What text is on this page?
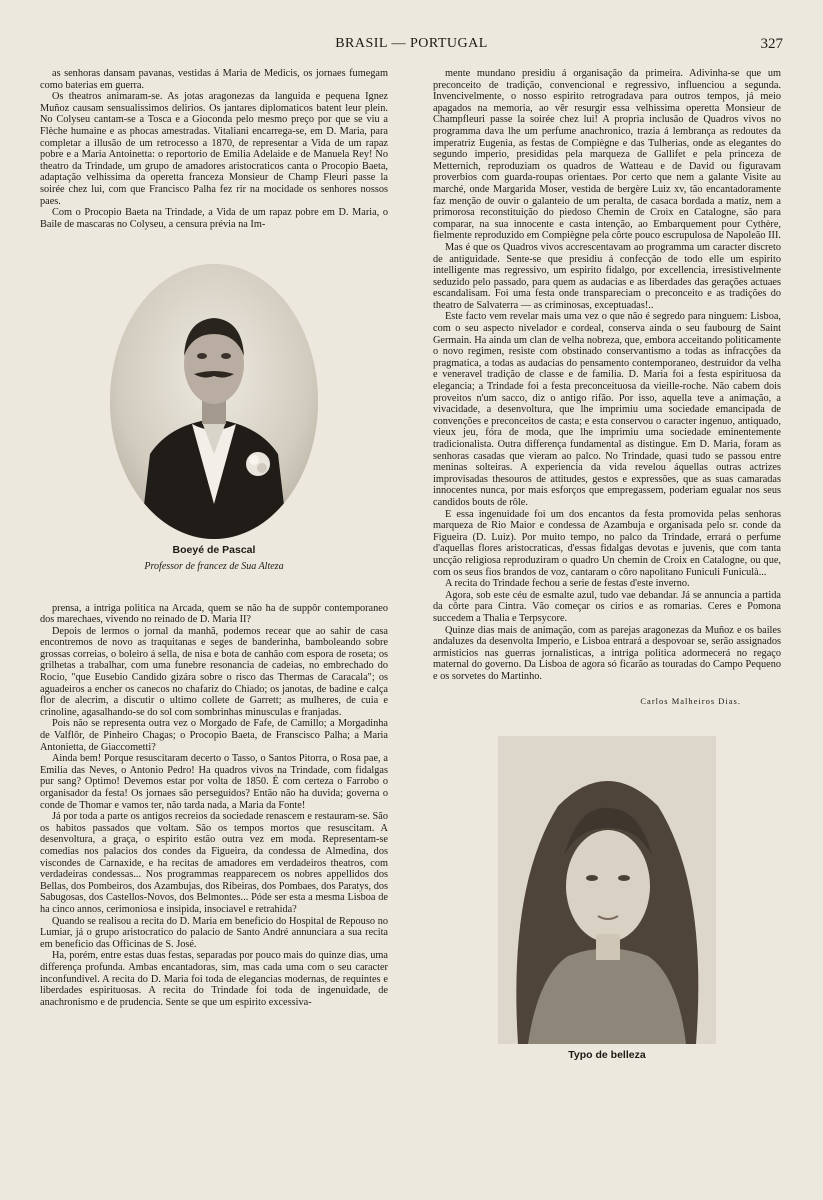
BRASIL — PORTUGAL	327

as senhoras dansam pavanas, vestidas á Maria de Medicis, os jornaes fumegam como baterias em guerra.

Os theatros animaram-se. As jotas aragonezas da languida e pequena Ignez Muñoz causam sensualissimos delirios. Os jantares diplomaticos batent leur plein. No Colyseu cantam-se a Tosca e a Gioconda pelo mesmo preço por que se viu a Flèche humaine e as phocas amestradas. Vitaliani encarrega-se, em D. Maria, para completar a illusão de um retrocesso a 1870, de representar a Vida de um rapaz pobre e a Maria Antoinetta: o reportorio de Emilia Adelaide e de Manuela Rey! No theatro da Trindade, um grupo de amadores aristocraticos canta o Procopio Baeta, adaptação velhissima da operetta franceza Monsieur de Champ Fleuri passe la soirée chez lui, com que Francisco Palha fez rir na mocidade os senhores nossos paes.

Com o Procopio Baeta na Trindade, a Vida de um rapaz pobre em D. Maria, o Baile de mascaras no Colyseu, a censura prévia na Im-

Boeyé de Pascal
Professor de francez de Sua Alteza

prensa, a intriga politica na Arcada, quem se não ha de suppôr contemporaneo dos marechaes, vivendo no reinado de D. Maria II?

Depois de lermos o jornal da manhã, podemos recear que ao sahir de casa encontremos de novo as traquitanas e seges de banderinha, bamboleando sobre grossas correias, o boleiro á sella, de nisa e bota de canhão com espora de roseta; os grilhetas a trabalhar, com uma funebre resonancia de cadeias, no embrechado do Rocio, "que Eusebio Candido gizára sobre o risco das Thermas de Caracala"; os aguadeiros a encher os canecos no chafariz do Chiado; os janotas, de badine e calça flor de alecrim, a discutir o ultimo collete de Garrett; as mulheres, de cuia e crinoline, agasalhando-se do sol com sombrinhas minusculas e franjadas.

Pois não se representa outra vez o Morgado de Fafe, de Camillo; a Morgadinha de Valflôr, de Pinheiro Chagas; o Procopio Baeta, de Franscisco Palha; a Maria Antonietta, de Giaccometti?

Ainda bem! Porque resuscitaram decerto o Tasso, o Santos Pitorra, o Rosa pae, a Emilia das Neves, o Antonio Pedro! Ha quadros vivos na Trindade, com fidalgas pur sang? Optimo! Devemos estar por volta de 1850. É com certeza o Farrobo o organisador da festa! Os jornaes são perseguidos? Então não ha duvida; governa o conde de Thomar e vamos ter, não tarda nada, a Maria da Fonte!

Já por toda a parte os antigos recreios da sociedade renascem e restauram-se. São os habitos passados que voltam. São os tempos mortos que resuscitam. A desenvoltura, a graça, o espirito estão outra vez em moda. Representam-se comedias nos palacios dos condes da Figueira, da condessa de Almedina, dos viscondes de Carnaxide, e ha recitas de amadores em verdadeiros theatros, com verdadeiras condessas... Nos programmas reapparecem os nobres appellidos dos Bellas, dos Pombeiros, dos Azambujas, dos Ribeiras, dos Pombaes, dos Paratys, dos Sabugosas, dos Castellos-Novos, dos Belmontes... Póde ser esta a mesma Lisboa de ha cinco annos, cerimoniosa e insipida, insociavel e retrahida?

Quando se realisou a recita do D. Maria em beneficio do Hospital de Repouso no Lumiar, já o grupo aristocratico do palacio de Santo André annunciara a sua recita em beneficio das Officinas de S. José.

Ha, porém, entre estas duas festas, separadas por pouco mais do quinze dias, uma differença profunda. Ambas encantadoras, sim, mas cada uma com o seu caracter inconfundivel. A recita do D. Maria foi toda de elegancias modernas, de requintes e liberdades espirituosas. A recita do Trindade foi toda de ingenuidade, de anachronismo e de prudencia. Sente se que um espirito excessiva-

mente mundano presidiu á organisação da primeira. Adivinha-se que um preconceito de tradição, convencional e regressivo, influenciou a segunda. Invencivelmente, o nosso espirito retrogradava para outros tempos, já meio apagados na memoria, ao vêr resurgir essa velhissima operetta Monsieur de Champfleuri passe la soirée chez lui! A propria inclusão de Quadros vivos no programma dava lhe um perfume anachronico, trazia á lembrança as redoutes da imperatriz Eugenia, as festas de Compiègne e das Tulherias, onde as elegantes do segundo imperio, presididas pela marqueza de Gallifet e pela princeza de Metternich, reproduziam os quadros de Watteau e de David ou figuravam proverbios com guarda-roupas orientaes. Por certo que nem a galante Visite au marché, onde Margarida Moser, vestida de bergère Luiz xv, tão encantadoramente faz menção de ouvir o galanteio de um peralta, de casaca bordada a matiz, nem a primorosa reconstituição do piedoso Chemin de Croix en Catalogne, são para comparar, na sua innocente e casta intenção, ao Embarquement pour Cythère, fielmente reproduzido em Compiègne pela côrte pouco escrupulosa de Napoleão III.

Mas é que os Quadros vivos accrescentavam ao programma um caracter discreto de antiguidade. Sente-se que presidiu á confecção de todo elle um espirito intelligente mas regressivo, um espirito fidalgo, por excellencia, irresistivelmente seduzido pelo passado, para quem as audacias e as liberdades das gerações actuaes escandalisam. Foi uma festa onde transpareciam o preconceito e as tradições do theatro de Salvaterra — as criminosas, exceptuadas!..

Este facto vem revelar mais uma vez o que não é segredo para ninguem: Lisboa, com o seu aspecto nivelador e cordeal, conserva ainda o seu faubourg de Saint Germain. Ha ainda um clan de velha nobreza, que, embora acceitando politicamente o novo regimen, resiste com obstinado conservantismo a todas as infracções da pragmatica, a todas as audacias do pensamento contemporaneo, destruidor da velha e veneravel tradição de classe e de familia. D. Maria foi a festa espirituosa da elegancia; a Trindade foi a festa preconceituosa da vieille-roche. Não cabem dois proveitos n'um sacco, diz o antigo rifão. Por isso, aquella teve a animação, a vivacidade, a desenvoltura, que lhe imprimiu uma sociedade emancipada de convenções e preconceitos de casta; e esta conservou o caracter ingenuo, antiquado, vieux jeu, fóra de moda, que lhe imprimiu uma sociedade eminentemente tradicionalista. Outra differença fundamental as distingue. Em D. Maria, foram as senhoras casadas que vieram ao palco. No Trindade, quasi tudo se passou entre meninas solteiras. A experiencia da vida revelou áquellas outras actrizes improvisadas thesouros de attitudes, gestos e expressões, que as suas camaradas innocentes nunca, por mais esforços que empregassem, poderiam egualar nos seus candidos bouts de rôle.

E essa ingenuidade foi um dos encantos da festa promovida pelas senhoras marqueza de Rio Maior e condessa de Azambuja e organisada pelo sr. conde da Figueira (D. Luiz). Por muito tempo, no palco da Trindade, errará o perfume d'aquellas flores aristocraticas, d'essas fidalgas devotas e juvenis, que com tanta uncção religiosa reproduziram o quadro Un chemin de Croix en Catalogne, ou que, com os seus fios brandos de voz, cantaram o côro napolitano Funiculi Funiculà...

A recita do Trindade fechou a serie de festas d'este inverno.

Agora, sob este céu de esmalte azul, tudo vae debandar. Já se annuncia a partida da côrte para Cintra. Vão começar os cirios e as romarias. Ceres e Pomona succedem a Thalia e Terpsycore.

Quinze dias mais de animação, com as parejas aragonezas da Muñoz e os bailes andaluzes da desenvolta Imperio, e Lisboa entrará a despovoar se, serão assignados armisticios nas guerras jornalisticas, a intriga politica adormecerá no regaço maternal do governo. Da Lisboa de agora só ficarão as touradas do Campo Pequeno e os sorvetes do Martinho.

Carlos Malheiros Dias.
Typo de belleza
